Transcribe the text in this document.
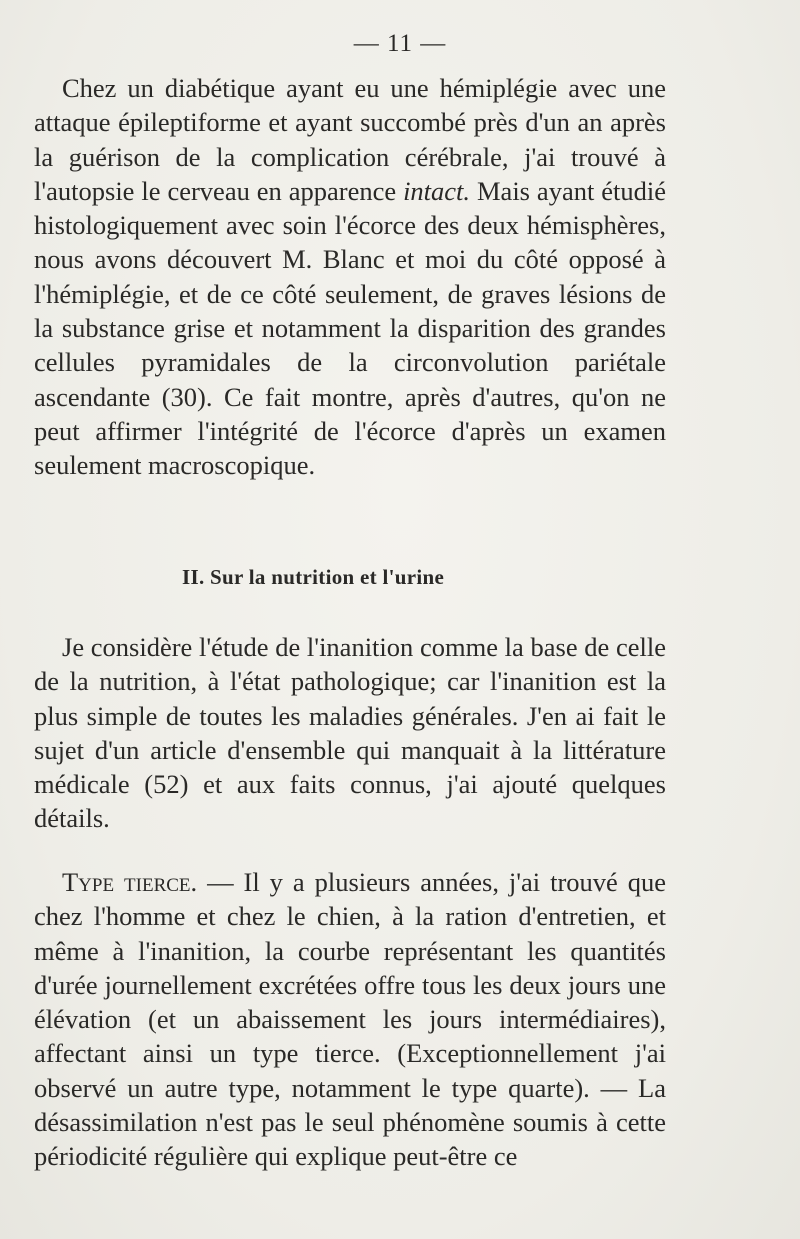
— 11 —

Chez un diabétique ayant eu une hémiplégie avec une attaque épileptiforme et ayant succombé près d'un an après la guérison de la complication cérébrale, j'ai trouvé à l'autopsie le cerveau en apparence intact. Mais ayant étudié histologiquement avec soin l'écorce des deux hémisphères, nous avons découvert M. Blanc et moi du côté opposé à l'hémiplégie, et de ce côté seulement, de graves lésions de la substance grise et notamment la disparition des grandes cellules pyramidales de la circonvolution pariétale ascendante (30). Ce fait montre, après d'autres, qu'on ne peut affirmer l'intégrité de l'écorce d'après un examen seulement macroscopique.

II. Sur la nutrition et l'urine

Je considère l'étude de l'inanition comme la base de celle de la nutrition, à l'état pathologique; car l'inanition est la plus simple de toutes les maladies générales. J'en ai fait le sujet d'un article d'ensemble qui manquait à la littérature médicale (52) et aux faits connus, j'ai ajouté quelques détails.

Type tierce. — Il y a plusieurs années, j'ai trouvé que chez l'homme et chez le chien, à la ration d'entretien, et même à l'inanition, la courbe représentant les quantités d'urée journellement excrétées offre tous les deux jours une élévation (et un abaissement les jours intermédiaires), affectant ainsi un type tierce. (Exceptionnellement j'ai observé un autre type, notamment le type quarte). — La désassimilation n'est pas le seul phénomène soumis à cette périodicité régulière qui explique peut-être ce
